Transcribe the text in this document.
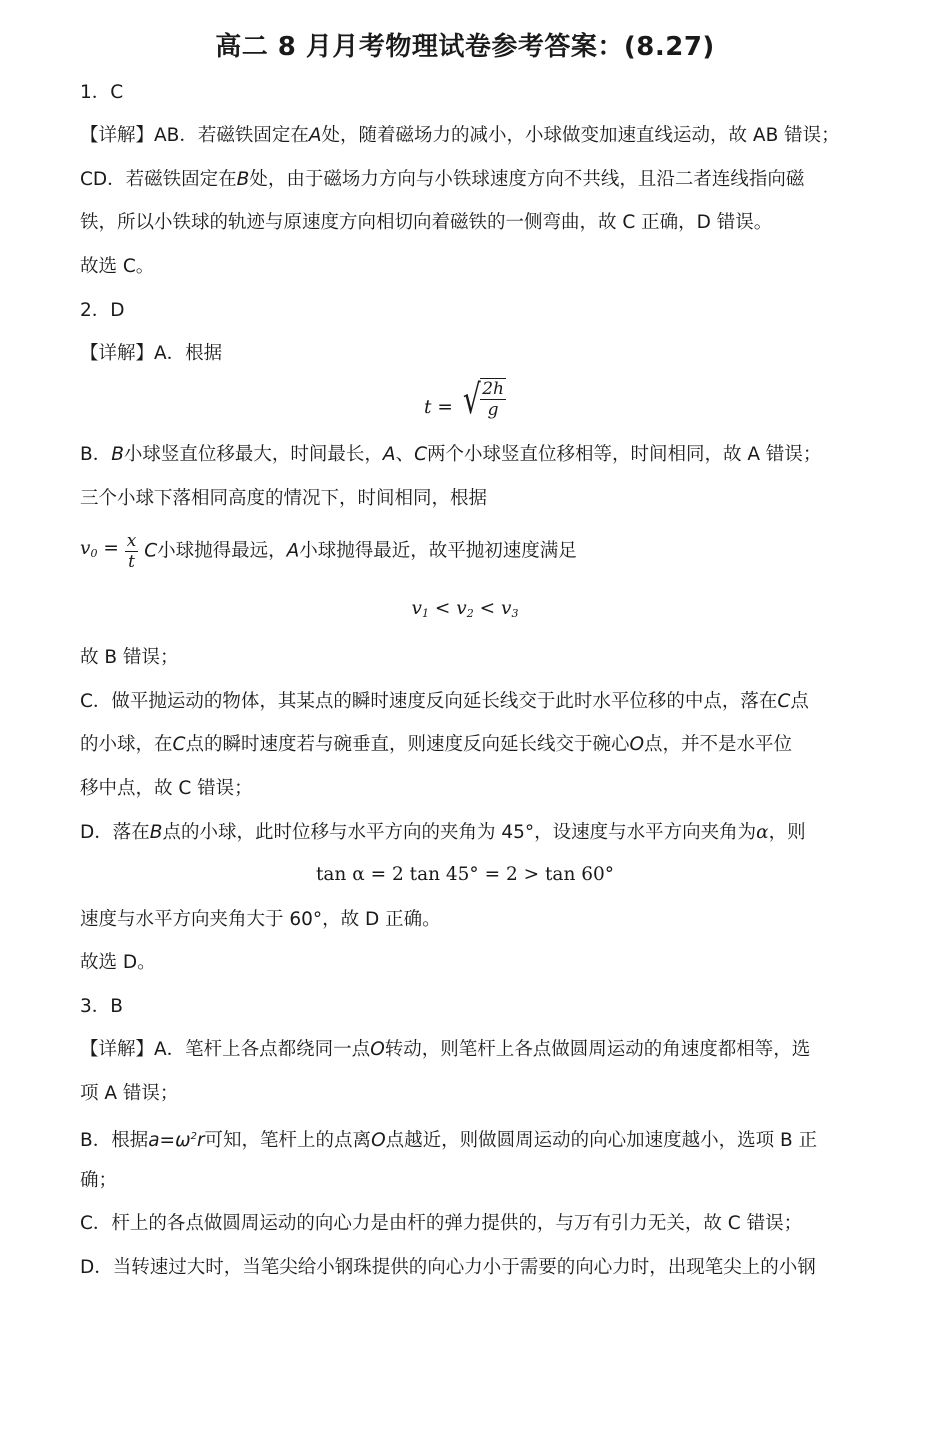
高二 8 月月考物理试卷参考答案：(8.27)
1．C
【详解】AB．若磁铁固定在A处，随着磁场力的减小，小球做变加速直线运动，故 AB 错误；
CD．若磁铁固定在B处，由于磁场力方向与小铁球速度方向不共线，且沿二者连线指向磁
铁，所以小铁球的轨迹与原速度方向相切向着磁铁的一侧弯曲，故 C 正确，D 错误。
故选 C。
2．D
【详解】A．根据
t = √ $\frac{2h}{g}$
B．B小球竖直位移最大，时间最长，A、C两个小球竖直位移相等，时间相同，故 A 错误；
三个小球下落相同高度的情况下，时间相同，根据
$v_0 = \frac{x}{t}$ C小球抛得最远，A小球抛得最近，故平抛初速度满足
$v_1 < v_2 < v_3$
故 B 错误；
C．做平抛运动的物体，其某点的瞬时速度反向延长线交于此时水平位移的中点，落在C点
的小球，在C点的瞬时速度若与碗垂直，则速度反向延长线交于碗心O点，并不是水平位
移中点，故 C 错误；
D．落在B点的小球，此时位移与水平方向的夹角为 45°，设速度与水平方向夹角为α，则
tan α = 2 tan 45° = 2 > tan 60°
速度与水平方向夹角大于 60°，故 D 正确。
故选 D。
3．B
【详解】A．笔杆上各点都绕同一点O转动，则笔杆上各点做圆周运动的角速度都相等，选
项 A 错误；
B．根据$a=\omega^2r$可知，笔杆上的点离O点越近，则做圆周运动的向心加速度越小，选项 B 正
确；
C．杆上的各点做圆周运动的向心力是由杆的弹力提供的，与万有引力无关，故 C 错误；
D．当转速过大时，当笔尖给小钢珠提供的向心力小于需要的向心力时，出现笔尖上的小钢
